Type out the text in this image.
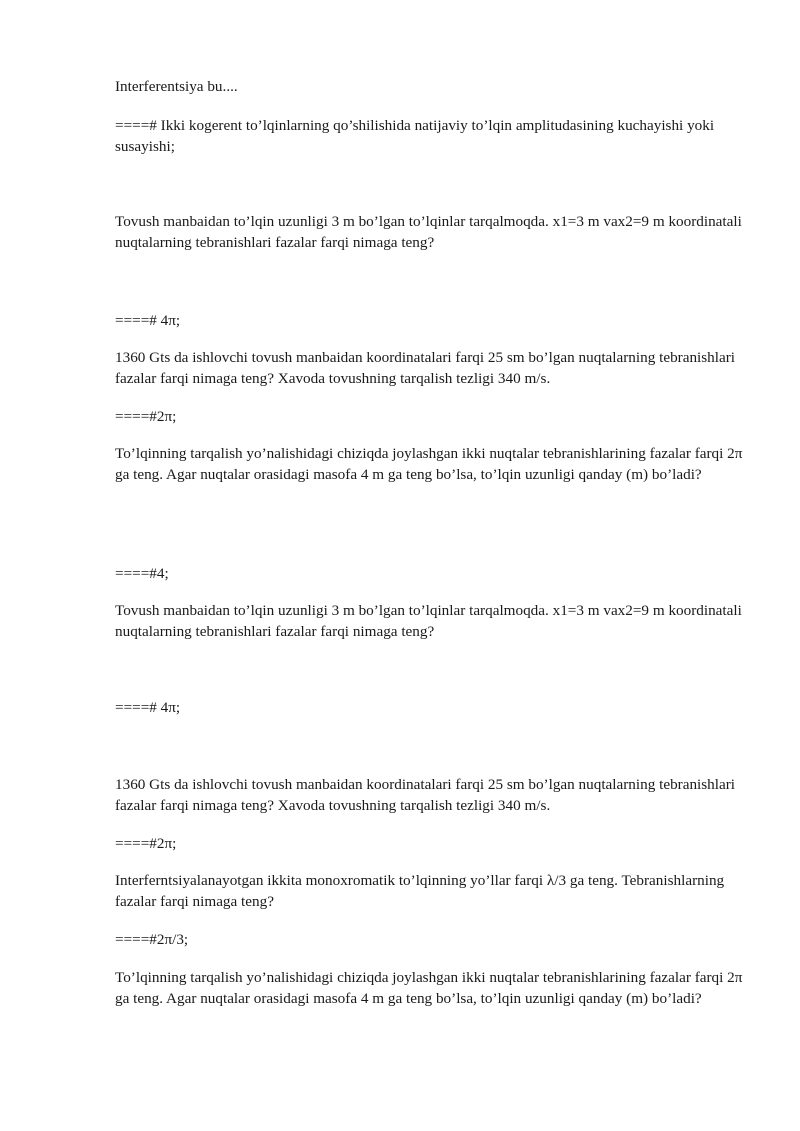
Interferentsiya bu....

====# Ikki kogerent to’lqinlarning qo’shilishida natijaviy to’lqin amplitudasining kuchayishi yoki susayishi;

Tovush manbaidan to’lqin uzunligi 3 m bo’lgan to’lqinlar tarqalmoqda. x1=3 m vax2=9 m koordinatali nuqtalarning tebranishlari fazalar farqi nimaga teng?

====# 4π;

1360 Gts da ishlovchi tovush manbaidan koordinatalari farqi 25 sm bo’lgan nuqtalarning tebranishlari fazalar farqi nimaga teng? Xavoda tovushning tarqalish tezligi 340 m/s.

====#2π;

To’lqinning tarqalish yo’nalishidagi chiziqda joylashgan ikki nuqtalar tebranishlarining fazalar farqi 2π ga teng. Agar nuqtalar orasidagi masofa 4 m ga teng bo’lsa, to’lqin uzunligi qanday (m) bo’ladi?

====#4;

Tovush manbaidan to’lqin uzunligi 3 m bo’lgan to’lqinlar tarqalmoqda. x1=3 m vax2=9 m koordinatali nuqtalarning tebranishlari fazalar farqi nimaga teng?

====# 4π;

1360 Gts da ishlovchi tovush manbaidan koordinatalari farqi 25 sm bo’lgan nuqtalarning tebranishlari fazalar farqi nimaga teng? Xavoda tovushning tarqalish tezligi 340 m/s.

====#2π;

Interferntsiyalanayotgan ikkita monoxromatik to’lqinning yo’llar farqi λ/3 ga teng. Tebranishlarning fazalar farqi nimaga teng?

====#2π/3;

To’lqinning tarqalish yo’nalishidagi chiziqda joylashgan ikki nuqtalar tebranishlarining fazalar farqi 2π ga teng. Agar nuqtalar orasidagi masofa 4 m ga teng bo’lsa, to’lqin uzunligi qanday (m) bo’ladi?
